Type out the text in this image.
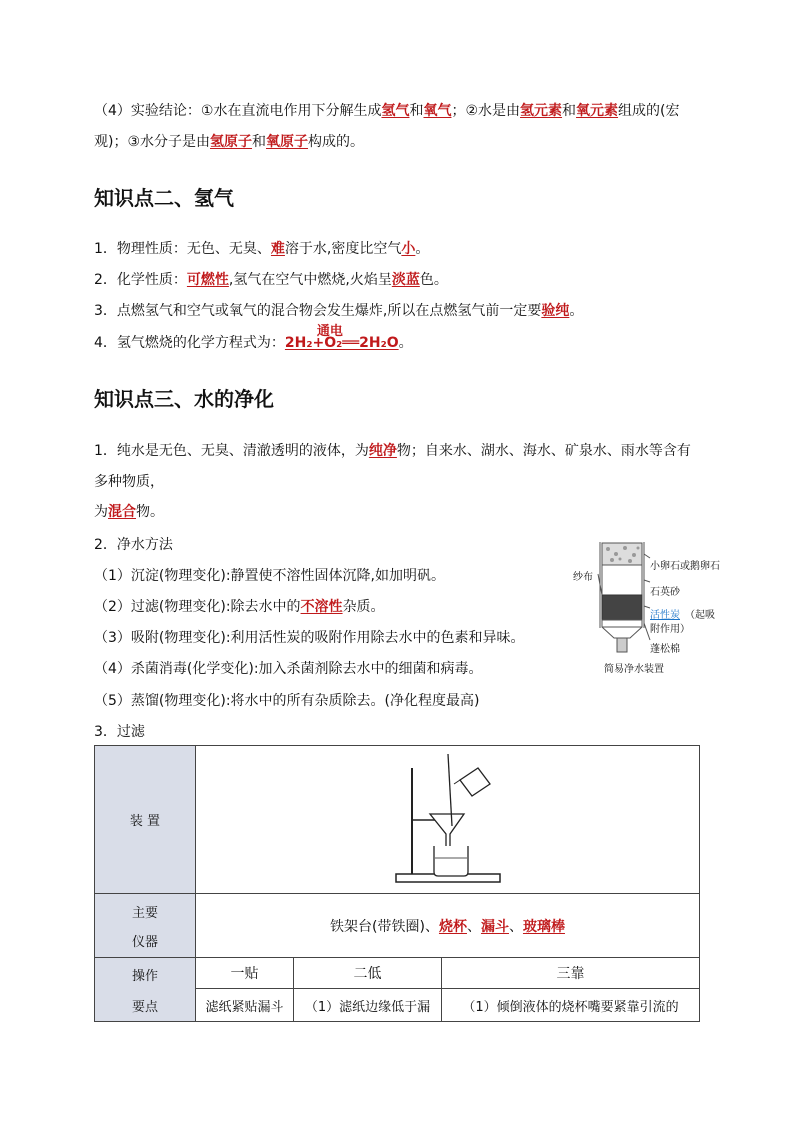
（4）实验结论：①水在直流电作用下分解生成氢气和氧气；②水是由氢元素和氧元素组成的(宏
观)；③水分子是由氢原子和氧原子构成的。
知识点二、氢气
1．物理性质：无色、无臭、难溶于水,密度比空气小。
2．化学性质：可燃性,氢气在空气中燃烧,火焰呈淡蓝色。
3．点燃氢气和空气或氧气的混合物会发生爆炸,所以在点燃氢气前一定要验纯。
4．氢气燃烧的化学方程式为：
通电
2H₂+O₂══2H₂O。
知识点三、水的净化
1．纯水是无色、无臭、清澈透明的液体，为纯净物；自来水、湖水、海水、矿泉水、雨水等含有
多种物质，
为混合物。
2．净水方法
（1）沉淀(物理变化):静置使不溶性固体沉降,如加明矾。
（2）过滤(物理变化):除去水中的不溶性杂质。
（3）吸附(物理变化):利用活性炭的吸附作用除去水中的色素和异味。
（4）杀菌消毒(化学变化):加入杀菌剂除去水中的细菌和病毒。
（5）蒸馏(物理变化):将水中的所有杂质除去。(净化程度最高)
3．过滤
小卵石或鹅卵石
石英砂
活性炭 （起吸
附作用）
蓬松棉
纱布
简易净水装置
装 置	

主要
仪器	铁架台(带铁圈)、烧杯、漏斗、玻璃棒		

操作
要点	一贴	二低	三靠
	滤纸紧贴漏斗	（1）滤纸边缘低于漏	（1）倾倒液体的烧杯嘴要紧靠引流的
